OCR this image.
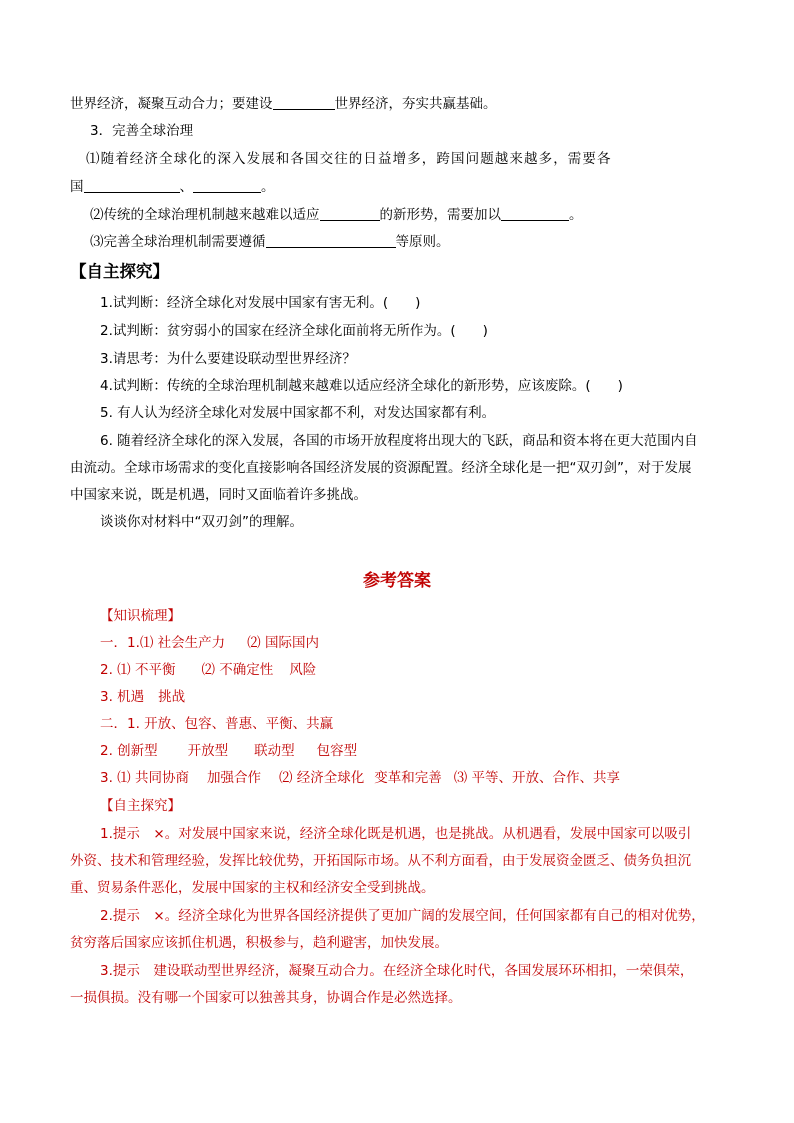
世界经济，凝聚互动合力；要建设	世界经济，夯实共赢基础。
3．完善全球治理
⑴随着经济全球化的深入发展和各国交往的日益增多，跨国问题越来越多，需要各
国	、	。
⑵传统的全球治理机制越来越难以适应	的新形势，需要加以	。
⑶完善全球治理机制需要遵循	等原则。
【自主探究】
1.试判断：经济全球化对发展中国家有害无利。(　　)
2.试判断：贫穷弱小的国家在经济全球化面前将无所作为。(　　)
3.请思考：为什么要建设联动型世界经济？
4.试判断：传统的全球治理机制越来越难以适应经济全球化的新形势，应该废除。(　　)
5. 有人认为经济全球化对发展中国家都不利，对发达国家都有利。
6. 随着经济全球化的深入发展，各国的市场开放程度将出现大的飞跃，商品和资本将在更大范围内自
由流动。全球市场需求的变化直接影响各国经济发展的资源配置。经济全球化是一把“双刃剑”，对于发展
中国家来说，既是机遇，同时又面临着许多挑战。
谈谈你对材料中“双刃剑”的理解。
参考答案
【知识梳理】
一．1.⑴ 社会生产力 ⑵ 国际国内
2. ⑴ 不平衡 ⑵ 不确定性 风险
3. 机遇 挑战
二．1. 开放、包容、普惠、平衡、共赢
2. 创新型 开放型 联动型 包容型
3. ⑴ 共同协商 加强合作 ⑵ 经济全球化 变革和完善 ⑶ 平等、开放、合作、共享
【自主探究】
1.提示　×。对发展中国家来说，经济全球化既是机遇，也是挑战。从机遇看，发展中国家可以吸引
外资、技术和管理经验，发挥比较优势，开拓国际市场。从不利方面看，由于发展资金匮乏、债务负担沉
重、贸易条件恶化，发展中国家的主权和经济安全受到挑战。
2.提示　×。经济全球化为世界各国经济提供了更加广阔的发展空间，任何国家都有自己的相对优势，
贫穷落后国家应该抓住机遇，积极参与，趋利避害，加快发展。
3.提示　建设联动型世界经济，凝聚互动合力。在经济全球化时代，各国发展环环相扣，一荣俱荣，
一损俱损。没有哪一个国家可以独善其身，协调合作是必然选择。
